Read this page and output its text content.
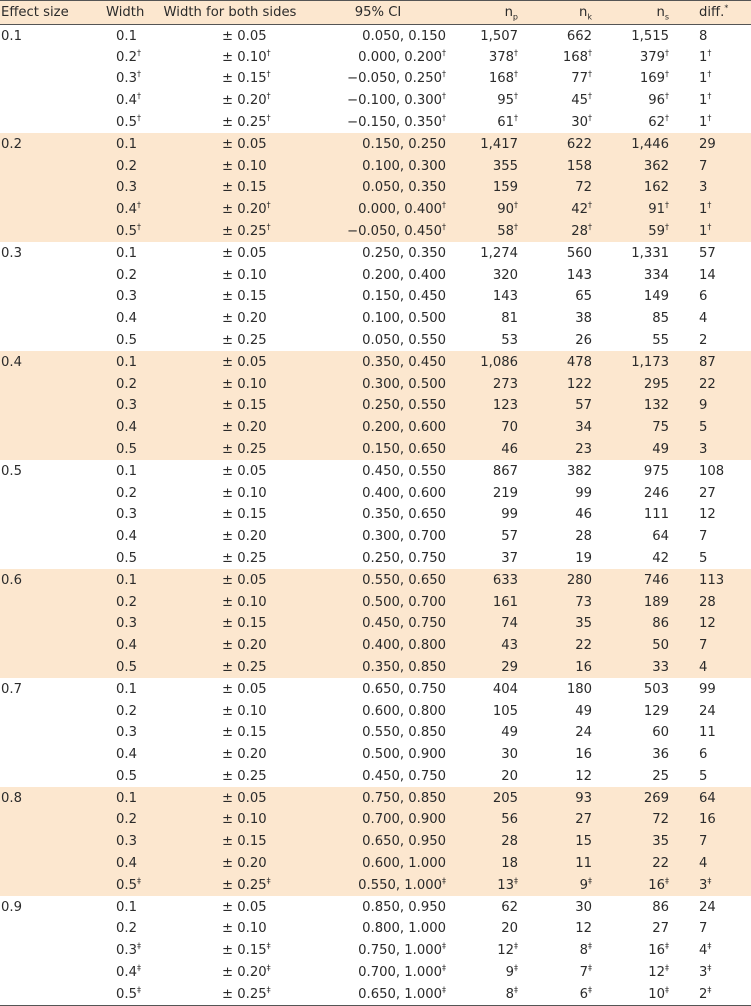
Effect size	Width	Width for both sides	95% CI	$n_p$	$n_k$	$n_s$	diff.*
0.1	0.1	± 0.05	0.050, 0.150	1,507	662	1,515	8
	0.2†	± 0.10†	0.000, 0.200†	378†	168†	379†	1†
	0.3†	± 0.15†	−0.050, 0.250†	168†	77†	169†	1†
	0.4†	± 0.20†	−0.100, 0.300†	95†	45†	96†	1†
	0.5†	± 0.25†	−0.150, 0.350†	61†	30†	62†	1†
0.2	0.1	± 0.05	0.150, 0.250	1,417	622	1,446	29
	0.2	± 0.10	0.100, 0.300	355	158	362	7
	0.3	± 0.15	0.050, 0.350	159	72	162	3
	0.4†	± 0.20†	0.000, 0.400†	90†	42†	91†	1†
	0.5†	± 0.25†	−0.050, 0.450†	58†	28†	59†	1†
0.3	0.1	± 0.05	0.250, 0.350	1,274	560	1,331	57
	0.2	± 0.10	0.200, 0.400	320	143	334	14
	0.3	± 0.15	0.150, 0.450	143	65	149	6
	0.4	± 0.20	0.100, 0.500	81	38	85	4
	0.5	± 0.25	0.050, 0.550	53	26	55	2
0.4	0.1	± 0.05	0.350, 0.450	1,086	478	1,173	87
	0.2	± 0.10	0.300, 0.500	273	122	295	22
	0.3	± 0.15	0.250, 0.550	123	57	132	9
	0.4	± 0.20	0.200, 0.600	70	34	75	5
	0.5	± 0.25	0.150, 0.650	46	23	49	3
0.5	0.1	± 0.05	0.450, 0.550	867	382	975	108
	0.2	± 0.10	0.400, 0.600	219	99	246	27
	0.3	± 0.15	0.350, 0.650	99	46	111	12
	0.4	± 0.20	0.300, 0.700	57	28	64	7
	0.5	± 0.25	0.250, 0.750	37	19	42	5
0.6	0.1	± 0.05	0.550, 0.650	633	280	746	113
	0.2	± 0.10	0.500, 0.700	161	73	189	28
	0.3	± 0.15	0.450, 0.750	74	35	86	12
	0.4	± 0.20	0.400, 0.800	43	22	50	7
	0.5	± 0.25	0.350, 0.850	29	16	33	4
0.7	0.1	± 0.05	0.650, 0.750	404	180	503	99
	0.2	± 0.10	0.600, 0.800	105	49	129	24
	0.3	± 0.15	0.550, 0.850	49	24	60	11
	0.4	± 0.20	0.500, 0.900	30	16	36	6
	0.5	± 0.25	0.450, 0.750	20	12	25	5
0.8	0.1	± 0.05	0.750, 0.850	205	93	269	64
	0.2	± 0.10	0.700, 0.900	56	27	72	16
	0.3	± 0.15	0.650, 0.950	28	15	35	7
	0.4	± 0.20	0.600, 1.000	18	11	22	4
	0.5‡	± 0.25‡	0.550, 1.000‡	13‡	9‡	16‡	3‡
0.9	0.1	± 0.05	0.850, 0.950	62	30	86	24
	0.2	± 0.10	0.800, 1.000	20	12	27	7
	0.3‡	± 0.15‡	0.750, 1.000‡	12‡	8‡	16‡	4‡
	0.4‡	± 0.20‡	0.700, 1.000‡	9‡	7‡	12‡	3‡
	0.5‡	± 0.25‡	0.650, 1.000‡	8‡	6‡	10‡	2‡
